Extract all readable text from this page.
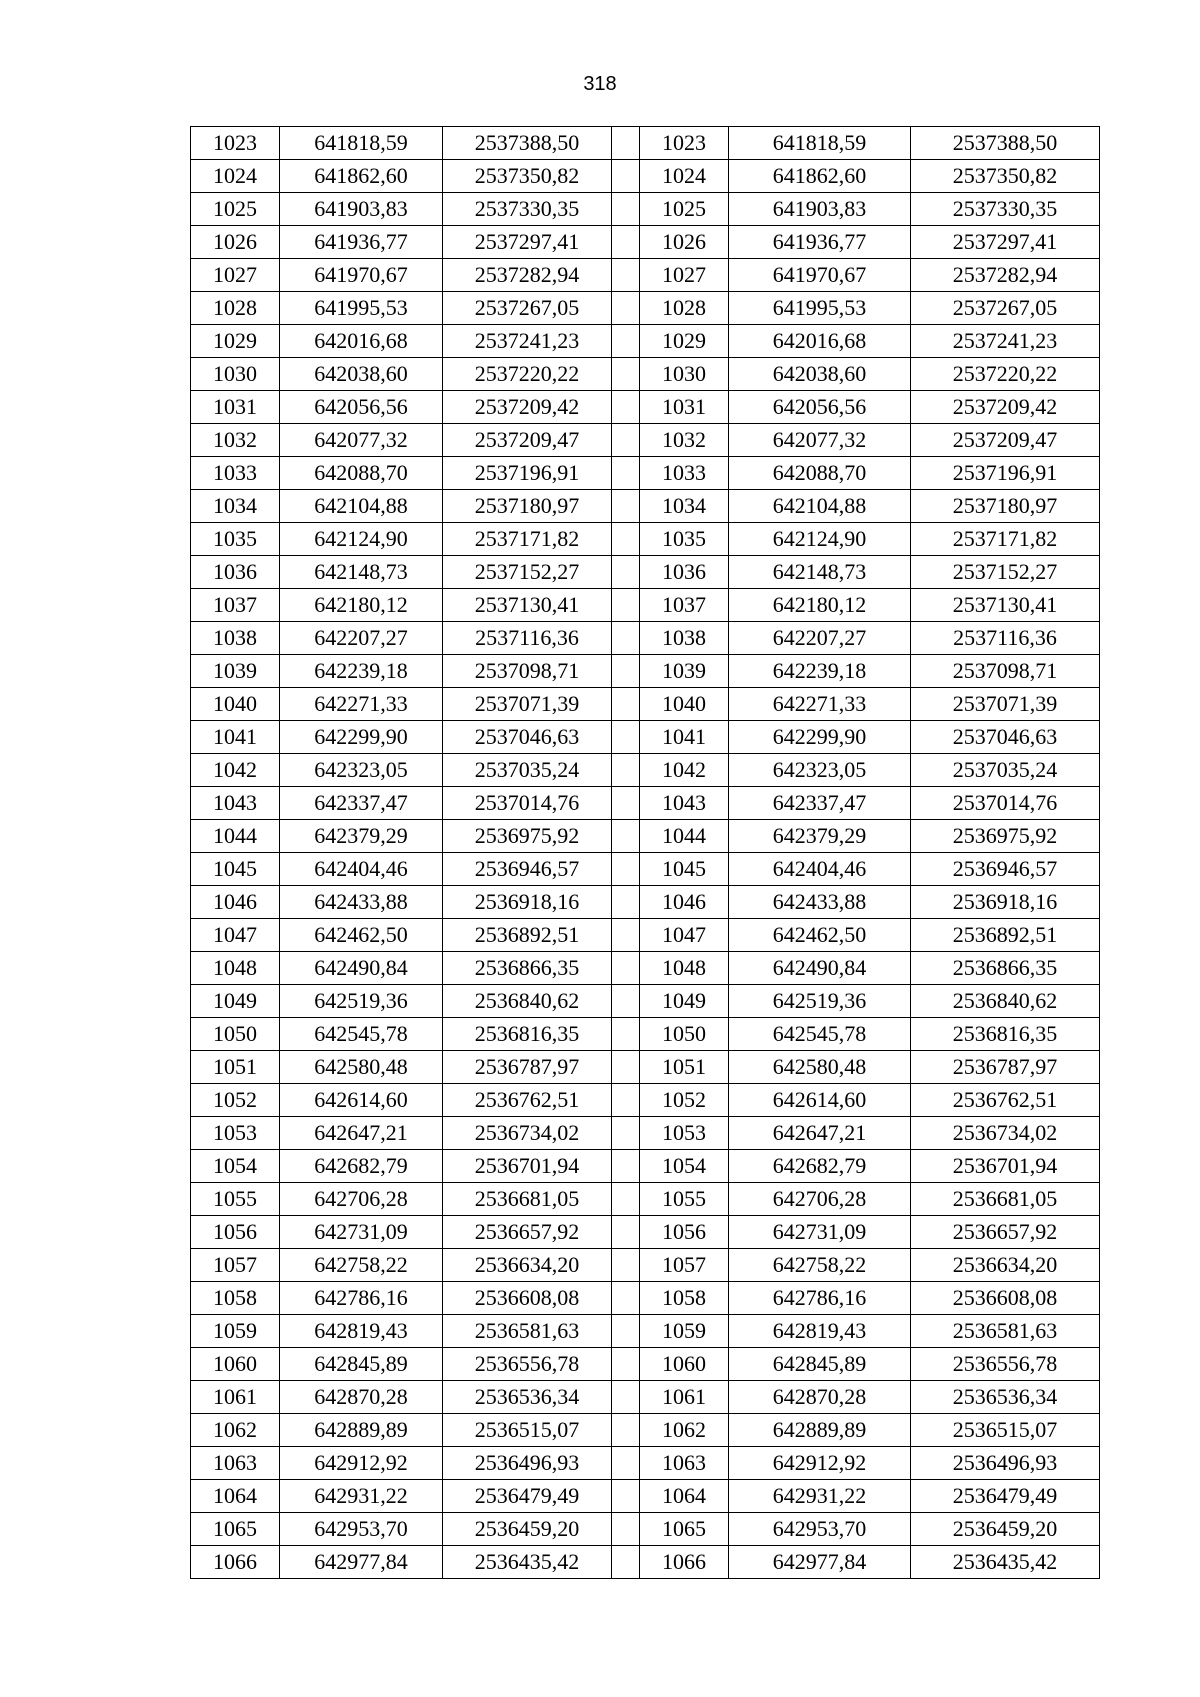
318
1023	641818,59	2537388,50		1023	641818,59	2537388,50
1024	641862,60	2537350,82		1024	641862,60	2537350,82
1025	641903,83	2537330,35		1025	641903,83	2537330,35
1026	641936,77	2537297,41		1026	641936,77	2537297,41
1027	641970,67	2537282,94		1027	641970,67	2537282,94
1028	641995,53	2537267,05		1028	641995,53	2537267,05
1029	642016,68	2537241,23		1029	642016,68	2537241,23
1030	642038,60	2537220,22		1030	642038,60	2537220,22
1031	642056,56	2537209,42		1031	642056,56	2537209,42
1032	642077,32	2537209,47		1032	642077,32	2537209,47
1033	642088,70	2537196,91		1033	642088,70	2537196,91
1034	642104,88	2537180,97		1034	642104,88	2537180,97
1035	642124,90	2537171,82		1035	642124,90	2537171,82
1036	642148,73	2537152,27		1036	642148,73	2537152,27
1037	642180,12	2537130,41		1037	642180,12	2537130,41
1038	642207,27	2537116,36		1038	642207,27	2537116,36
1039	642239,18	2537098,71		1039	642239,18	2537098,71
1040	642271,33	2537071,39		1040	642271,33	2537071,39
1041	642299,90	2537046,63		1041	642299,90	2537046,63
1042	642323,05	2537035,24		1042	642323,05	2537035,24
1043	642337,47	2537014,76		1043	642337,47	2537014,76
1044	642379,29	2536975,92		1044	642379,29	2536975,92
1045	642404,46	2536946,57		1045	642404,46	2536946,57
1046	642433,88	2536918,16		1046	642433,88	2536918,16
1047	642462,50	2536892,51		1047	642462,50	2536892,51
1048	642490,84	2536866,35		1048	642490,84	2536866,35
1049	642519,36	2536840,62		1049	642519,36	2536840,62
1050	642545,78	2536816,35		1050	642545,78	2536816,35
1051	642580,48	2536787,97		1051	642580,48	2536787,97
1052	642614,60	2536762,51		1052	642614,60	2536762,51
1053	642647,21	2536734,02		1053	642647,21	2536734,02
1054	642682,79	2536701,94		1054	642682,79	2536701,94
1055	642706,28	2536681,05		1055	642706,28	2536681,05
1056	642731,09	2536657,92		1056	642731,09	2536657,92
1057	642758,22	2536634,20		1057	642758,22	2536634,20
1058	642786,16	2536608,08		1058	642786,16	2536608,08
1059	642819,43	2536581,63		1059	642819,43	2536581,63
1060	642845,89	2536556,78		1060	642845,89	2536556,78
1061	642870,28	2536536,34		1061	642870,28	2536536,34
1062	642889,89	2536515,07		1062	642889,89	2536515,07
1063	642912,92	2536496,93		1063	642912,92	2536496,93
1064	642931,22	2536479,49		1064	642931,22	2536479,49
1065	642953,70	2536459,20		1065	642953,70	2536459,20
1066	642977,84	2536435,42		1066	642977,84	2536435,42
